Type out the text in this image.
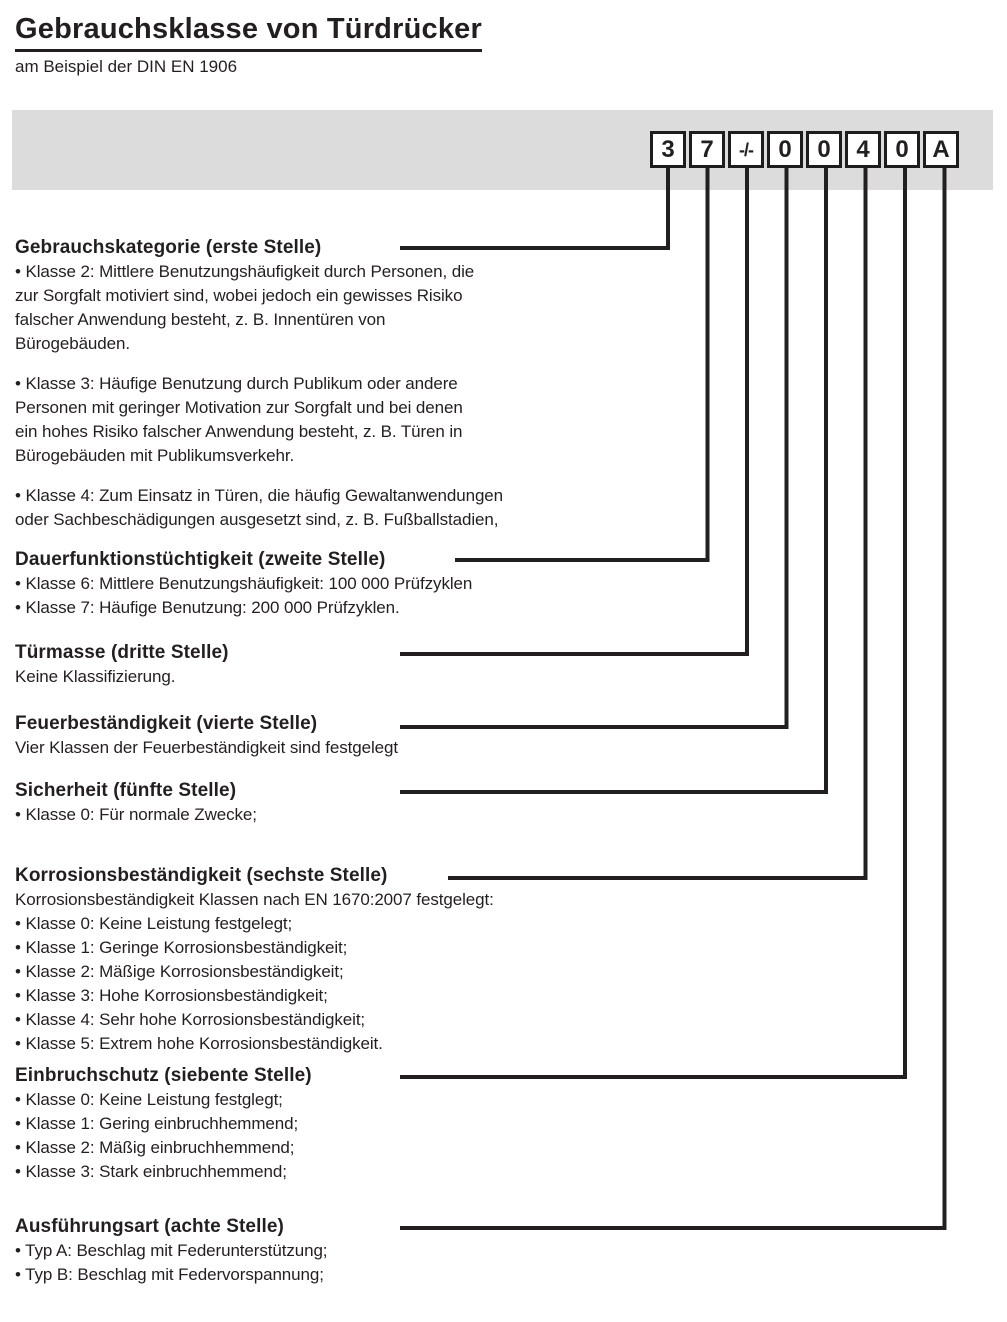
Gebrauchsklasse von Türdrücker
am Beispiel der DIN EN 1906
3	7	-/-	0	0	4	0 A
Gebrauchskategorie (erste Stelle)
• Klasse 2: Mittlere Benutzungshäufigkeit durch Personen, die
zur Sorgfalt motiviert sind, wobei jedoch ein gewisses Risiko
falscher Anwendung besteht, z. B. Innentüren von
Bürogebäuden.
• Klasse 3: Häufige Benutzung durch Publikum oder andere
Personen mit geringer Motivation zur Sorgfalt und bei denen
ein hohes Risiko falscher Anwendung besteht, z. B. Türen in
Bürogebäuden mit Publikumsverkehr.
• Klasse 4: Zum Einsatz in Türen, die häufig Gewaltanwendungen
oder Sachbeschädigungen ausgesetzt sind, z. B. Fußballstadien,
Dauerfunktionstüchtigkeit (zweite Stelle)
• Klasse 6: Mittlere Benutzungshäufigkeit: 100 000 Prüfzyklen
• Klasse 7: Häufige Benutzung: 200 000 Prüfzyklen.
Türmasse (dritte Stelle)
Keine Klassifizierung.
Feuerbeständigkeit (vierte Stelle)
Vier Klassen der Feuerbeständigkeit sind festgelegt
Sicherheit (fünfte Stelle)
• Klasse 0: Für normale Zwecke;
Korrosionsbeständigkeit (sechste Stelle)
Korrosionsbeständigkeit Klassen nach EN 1670:2007 festgelegt:
• Klasse 0: Keine Leistung festgelegt;
• Klasse 1: Geringe Korrosionsbeständigkeit;
• Klasse 2: Mäßige Korrosionsbeständigkeit;
• Klasse 3: Hohe Korrosionsbeständigkeit;
• Klasse 4: Sehr hohe Korrosionsbeständigkeit;
• Klasse 5: Extrem hohe Korrosionsbeständigkeit.
Einbruchschutz (siebente Stelle)
• Klasse 0: Keine Leistung festglegt;
• Klasse 1: Gering einbruchhemmend;
• Klasse 2: Mäßig einbruchhemmend;
• Klasse 3: Stark einbruchhemmend;
Ausführungsart (achte Stelle)
• Typ A: Beschlag mit Federunterstützung;
• Typ B: Beschlag mit Federvorspannung;
